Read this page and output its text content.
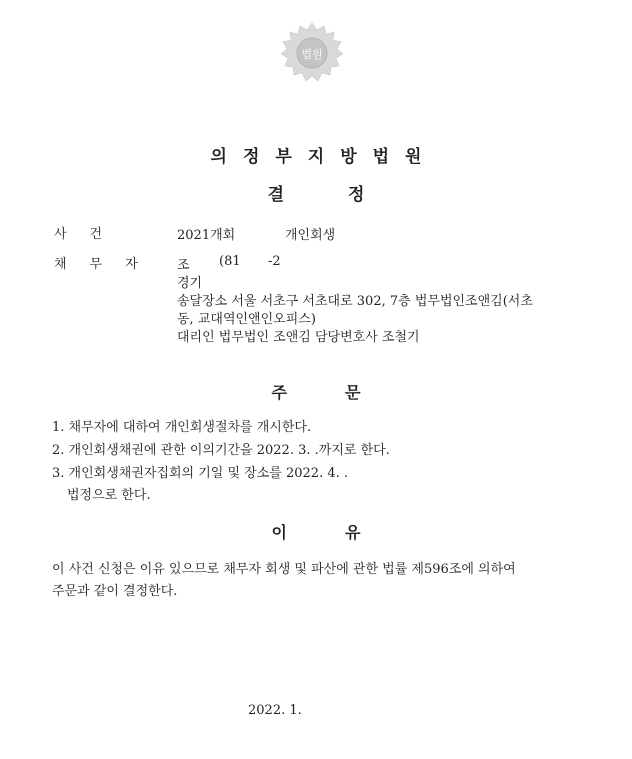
법원
의정부지방법원
결정
사건	2021개회	개인회생
채무자 조 (81 -2
경기
송달장소 서울 서초구 서초대로 302, 7층 법무법인조앤김(서초
동, 교대역인앤인오피스)
대리인 법무법인 조앤김 담당변호사 조철기
주문
1. 채무자에 대하여 개인회생절차를 개시한다.
2. 개인회생채권에 관한 이의기간을 2022. 3. .까지로 한다.
3. 개인회생채권자집회의 기일 및 장소를 2022. 4. .
법정으로 한다.
이유
이 사건 신청은 이유 있으므로 채무자 회생 및 파산에 관한 법률 제596조에 의하여
주문과 같이 결정한다.
2022. 1.
